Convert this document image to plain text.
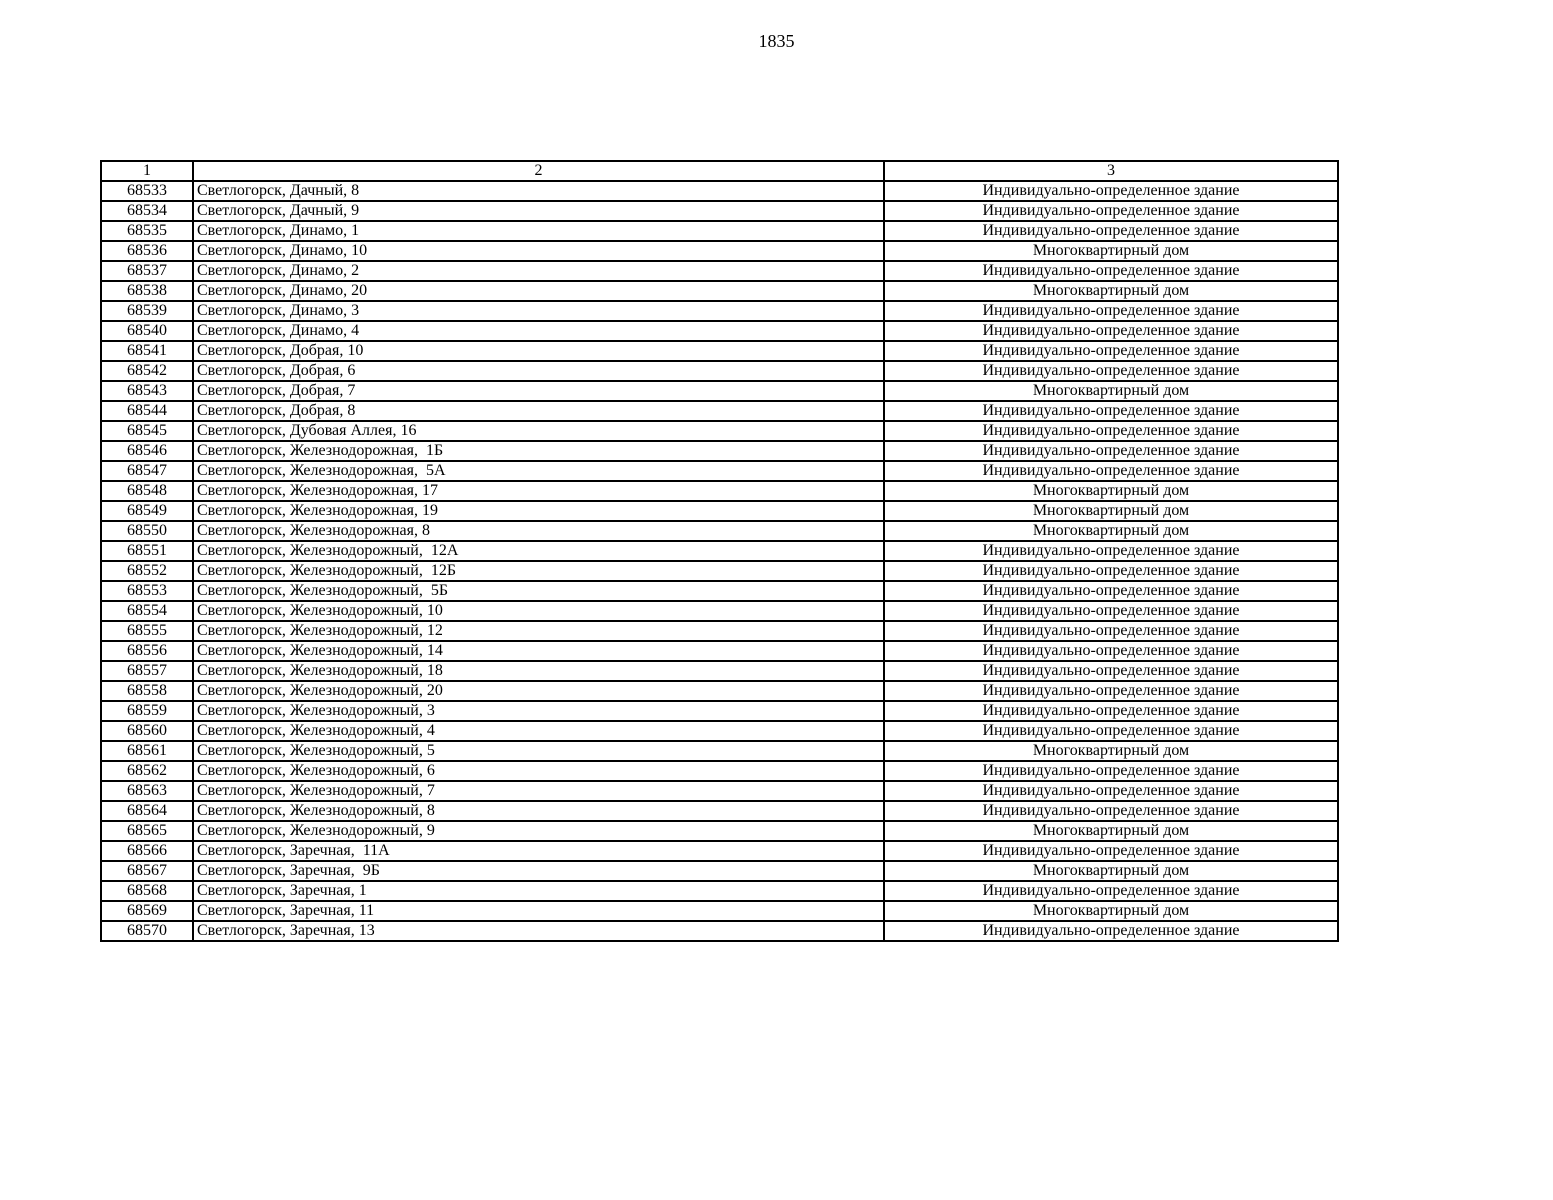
1835
1	2	3
68533	Светлогорск, Дачный, 8	Индивидуально-определенное здание
68534	Светлогорск, Дачный, 9	Индивидуально-определенное здание
68535	Светлогорск, Динамо, 1	Индивидуально-определенное здание
68536	Светлогорск, Динамо, 10	Многоквартирный дом
68537	Светлогорск, Динамо, 2	Индивидуально-определенное здание
68538	Светлогорск, Динамо, 20	Многоквартирный дом
68539	Светлогорск, Динамо, 3	Индивидуально-определенное здание
68540	Светлогорск, Динамо, 4	Индивидуально-определенное здание
68541	Светлогорск, Добрая, 10	Индивидуально-определенное здание
68542	Светлогорск, Добрая, 6	Индивидуально-определенное здание
68543	Светлогорск, Добрая, 7	Многоквартирный дом
68544	Светлогорск, Добрая, 8	Индивидуально-определенное здание
68545	Светлогорск, Дубовая Аллея, 16	Индивидуально-определенное здание
68546	Светлогорск, Железнодорожная,  1Б	Индивидуально-определенное здание
68547	Светлогорск, Железнодорожная,  5А	Индивидуально-определенное здание
68548	Светлогорск, Железнодорожная, 17	Многоквартирный дом
68549	Светлогорск, Железнодорожная, 19	Многоквартирный дом
68550	Светлогорск, Железнодорожная, 8	Многоквартирный дом
68551	Светлогорск, Железнодорожный,  12А	Индивидуально-определенное здание
68552	Светлогорск, Железнодорожный,  12Б	Индивидуально-определенное здание
68553	Светлогорск, Железнодорожный,  5Б	Индивидуально-определенное здание
68554	Светлогорск, Железнодорожный, 10	Индивидуально-определенное здание
68555	Светлогорск, Железнодорожный, 12	Индивидуально-определенное здание
68556	Светлогорск, Железнодорожный, 14	Индивидуально-определенное здание
68557	Светлогорск, Железнодорожный, 18	Индивидуально-определенное здание
68558	Светлогорск, Железнодорожный, 20	Индивидуально-определенное здание
68559	Светлогорск, Железнодорожный, 3	Индивидуально-определенное здание
68560	Светлогорск, Железнодорожный, 4	Индивидуально-определенное здание
68561	Светлогорск, Железнодорожный, 5	Многоквартирный дом
68562	Светлогорск, Железнодорожный, 6	Индивидуально-определенное здание
68563	Светлогорск, Железнодорожный, 7	Индивидуально-определенное здание
68564	Светлогорск, Железнодорожный, 8	Индивидуально-определенное здание
68565	Светлогорск, Железнодорожный, 9	Многоквартирный дом
68566	Светлогорск, Заречная,  11А	Индивидуально-определенное здание
68567	Светлогорск, Заречная,  9Б	Многоквартирный дом
68568	Светлогорск, Заречная, 1	Индивидуально-определенное здание
68569	Светлогорск, Заречная, 11	Многоквартирный дом
68570	Светлогорск, Заречная, 13	Индивидуально-определенное здание
